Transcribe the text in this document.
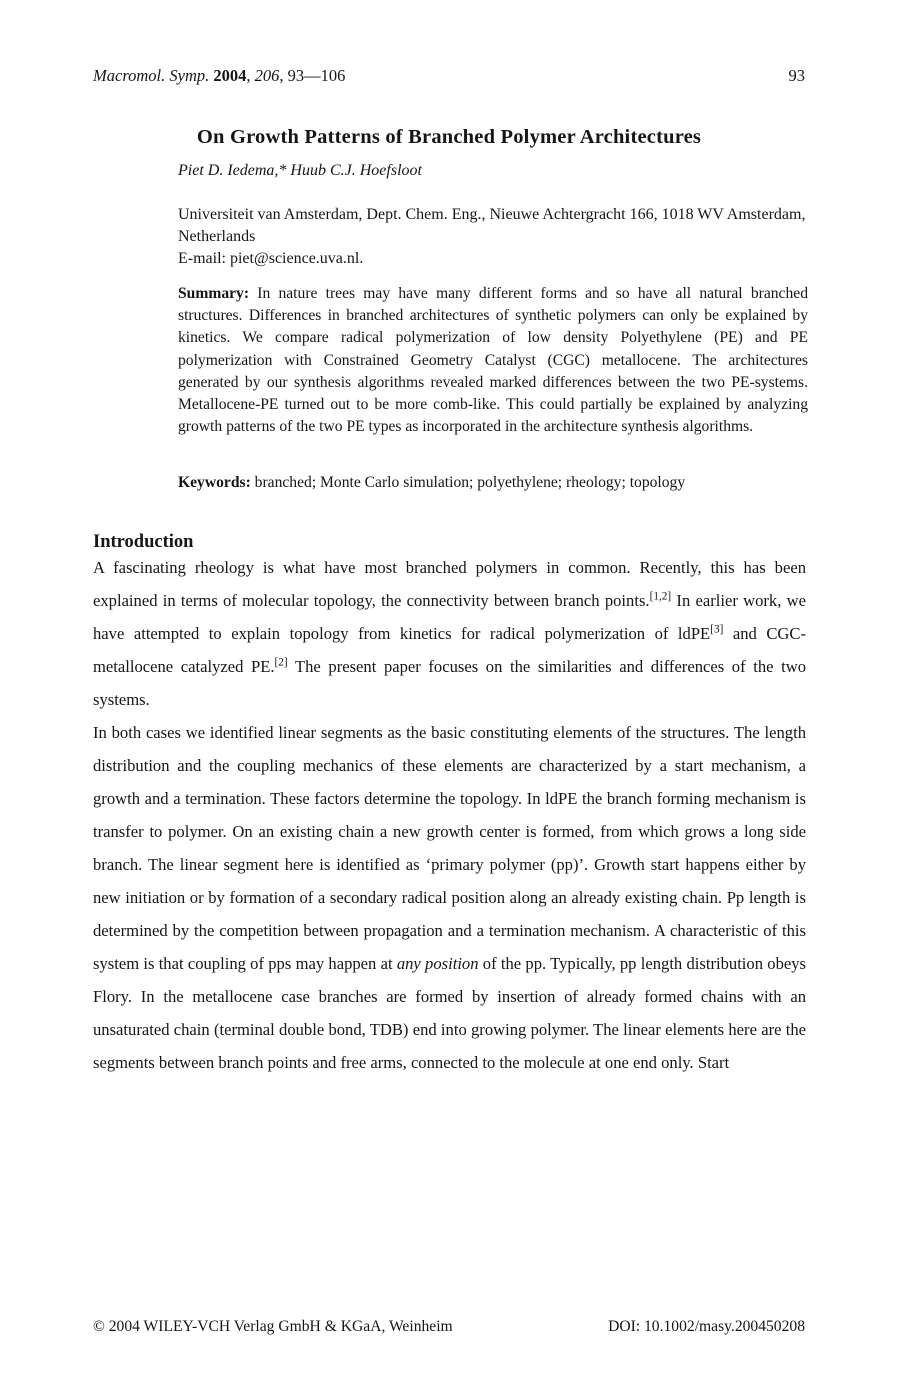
Macromol. Symp. 2004, 206, 93—106	93
On Growth Patterns of Branched Polymer Architectures
Piet D. Iedema,* Huub C.J. Hoefsloot
Universiteit van Amsterdam, Dept. Chem. Eng., Nieuwe Achtergracht 166, 1018 WV Amsterdam, Netherlands
E-mail: piet@science.uva.nl.
Summary: In nature trees may have many different forms and so have all natural branched structures. Differences in branched architectures of synthetic polymers can only be explained by kinetics. We compare radical polymerization of low density Polyethylene (PE) and PE polymerization with Constrained Geometry Catalyst (CGC) metallocene. The architectures generated by our synthesis algorithms revealed marked differences between the two PE-systems. Metallocene-PE turned out to be more comb-like. This could partially be explained by analyzing growth patterns of the two PE types as incorporated in the architecture synthesis algorithms.
Keywords: branched; Monte Carlo simulation; polyethylene; rheology; topology
Introduction

A fascinating rheology is what have most branched polymers in common. Recently, this has been explained in terms of molecular topology, the connectivity between branch points.[1,2] In earlier work, we have attempted to explain topology from kinetics for radical polymerization of ldPE[3] and CGC-metallocene catalyzed PE.[2] The present paper focuses on the similarities and differences of the two systems.

In both cases we identified linear segments as the basic constituting elements of the structures. The length distribution and the coupling mechanics of these elements are characterized by a start mechanism, a growth and a termination. These factors determine the topology. In ldPE the branch forming mechanism is transfer to polymer. On an existing chain a new growth center is formed, from which grows a long side branch. The linear segment here is identified as ‘primary polymer (pp)’. Growth start happens either by new initiation or by formation of a secondary radical position along an already existing chain. Pp length is determined by the competition between propagation and a termination mechanism. A characteristic of this system is that coupling of pps may happen at any position of the pp. Typically, pp length distribution obeys Flory. In the metallocene case branches are formed by insertion of already formed chains with an unsaturated chain (terminal double bond, TDB) end into growing polymer. The linear elements here are the segments between branch points and free arms, connected to the molecule at one end only. Start

© 2004 WILEY-VCH Verlag GmbH & KGaA, Weinheim	DOI: 10.1002/masy.200450208
